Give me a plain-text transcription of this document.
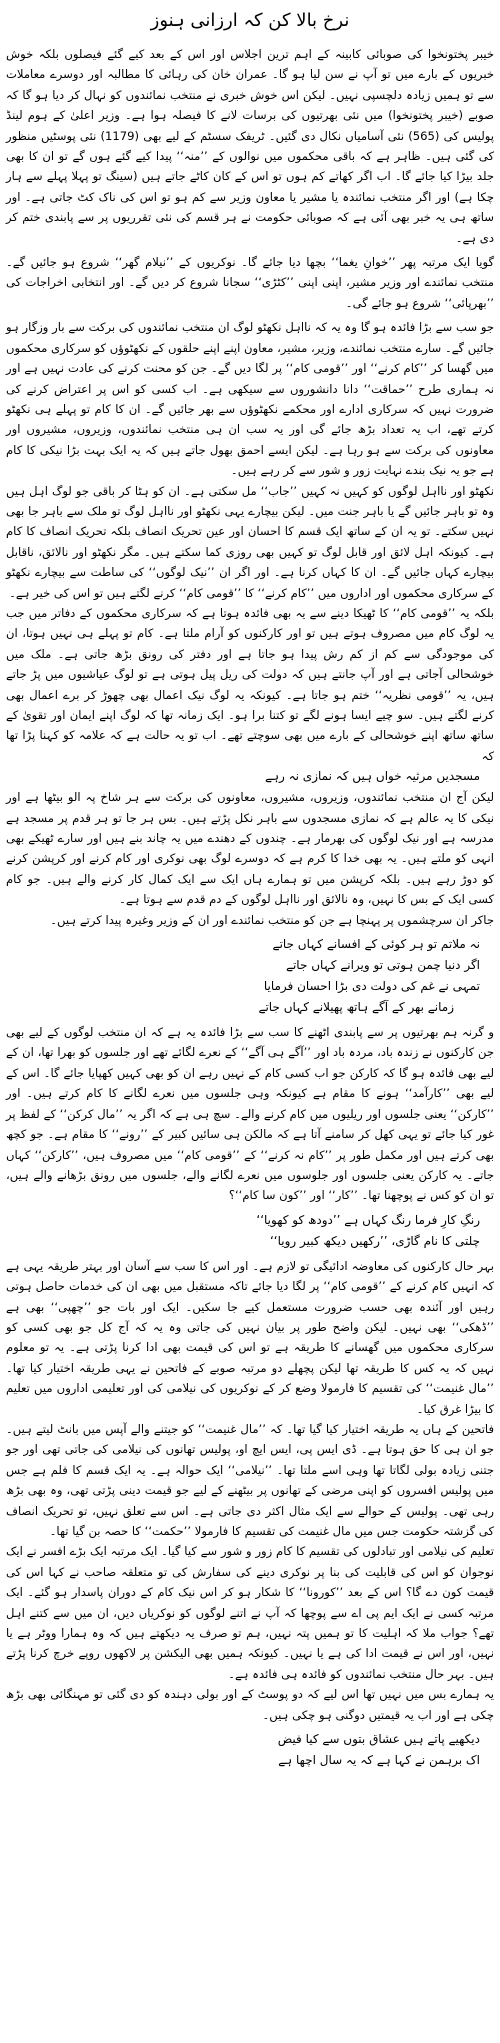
نرخ بالا کن کہ ارزانی ہنوز

خیبر پختونخوا کی صوبائی کابینہ کے اہم ترین اجلاس اور اس کے بعد کیے گئے فیصلوں بلکہ خوش خبریوں کے بارے میں تو آپ نے سن لیا ہو گا۔ عمران خان کی رہائی کا مطالبہ اور دوسرے معاملات سے تو ہمیں زیادہ دلچسپی نہیں۔ لیکن اس خوش خبری نے منتخب نمائندوں کو نہال کر دیا ہو گا کہ صوبے (خیبر پختونخوا) میں نئی بھرتیوں کی برسات لانے کا فیصلہ ہوا ہے۔ وزیر اعلیٰ کے ہوم لینڈ پولیس کی (565) نئی آسامیاں نکال دی گئیں۔ ٹریفک سسٹم کے لیے بھی (1179) نئی پوسٹیں منظور کی گئی ہیں۔ ظاہر ہے کہ باقی محکموں میں نوالوں کے ’’منہ‘‘ پیدا کیے گئے ہوں گے تو ان کا بھی جلد بیڑا کیا جائے گا۔ اب اگر کھاتے کم ہوں تو اس کے کان کاٹے جاتے ہیں (سینگ تو پہلا پہلے سے ہار چکا ہے) اور اگر منتخب نمائندہ یا مشیر یا معاون وزیر سے کم ہو تو اس کی ناک کٹ جاتی ہے۔ اور ساتھ ہی یہ خبر بھی آئی ہے کہ صوبائی حکومت نے ہر قسم کی نئی تقرریوں پر سے پابندی ختم کر دی ہے۔

گویا ایک مرتبہ پھر ’’خوانِ یغما‘‘ بچھا دیا جائے گا۔ نوکریوں کے ’’نیلام گھر‘‘ شروع ہو جائیں گے۔ منتخب نمائندے اور وزیر مشیر، اپنی اپنی ’’کٹڑی‘‘ سجانا شروع کر دیں گے۔ اور انتخابی اخراجات کی ’’بھرپائی‘‘ شروع ہو جائے گی۔

جو سب سے بڑا فائدہ ہو گا وہ یہ کہ نااہل نکھٹو لوگ ان منتخب نمائندوں کی برکت سے بار وزگار ہو جائیں گے۔ سارے منتخب نمائندے، وزیر، مشیر، معاون اپنے اپنے حلقوں کے نکھٹوؤں کو سرکاری محکموں میں گھسا کر ’’کام کرنے‘‘ اور ’’قومی کام‘‘ پر لگا دیں گے۔ جن کو محنت کرنے کی عادت نہیں ہے اور نہ ہماری طرح ’’حماقت‘‘ دانا دانشوروں سے سیکھی ہے۔ اب کسی کو اس پر اعتراض کرنے کی ضرورت نہیں کہ سرکاری ادارے اور محکمے نکھٹوؤں سے بھر جائیں گے۔ ان کا کام تو پہلے ہی نکھٹو کرتے تھے، اب یہ تعداد بڑھ جائے گی اور یہ سب ان ہی منتخب نمائندوں، وزیروں، مشیروں اور معاونوں کی برکت سے ہو رہا ہے۔ لیکن ایسے احمق بھول جاتے ہیں کہ یہ ایک بہت بڑا نیکی کا کام ہے جو یہ نیک بندے نہایت زور و شور سے کر رہے ہیں۔

نکھٹو اور نااہل لوگوں کو کہیں نہ کہیں ’’جاب‘‘ مل سکتی ہے۔ ان کو ہٹا کر باقی جو لوگ اہل ہیں وہ تو باہر جائیں گے یا باہر جنت میں۔ لیکن بیچارے یہی نکھٹو اور نااہل لوگ تو ملک سے باہر جا بھی نہیں سکتے۔ تو یہ ان کے ساتھ ایک قسم کا احسان اور عین تحریک انصاف بلکہ تحریک انصاف کا کام ہے۔ کیونکہ اہل لائق اور قابل لوگ تو کہیں بھی روزی کما سکتے ہیں۔ مگر نکھٹو اور نالائق، ناقابل بیچارے کہاں جائیں گے۔ ان کا کہاں کرنا ہے۔ اور اگر ان ’’نیک لوگوں‘‘ کی ساطت سے بیچارے نکھٹو کے سرکاری محکموں اور اداروں میں ’’کام کرنے‘‘ کا ’’قومی کام‘‘ کرنے لگتے ہیں تو اس کی خیر ہے۔

بلکہ یہ ’’قومی کام‘‘ کا ٹھیکا دینے سے یہ بھی فائدہ ہوتا ہے کہ سرکاری محکموں کے دفاتر میں جب یہ لوگ کام میں مصروف ہوتے ہیں تو اور کارکنوں کو آرام ملتا ہے۔ کام تو پہلے ہی نہیں ہوتا، ان کی موجودگی سے کم از کم رش پیدا ہو جاتا ہے اور دفتر کی رونق بڑھ جاتی ہے۔ ملک میں خوشحالی آجاتی ہے اور آپ جانتے ہیں کہ دولت کی ریل پیل ہوتی ہے تو لوگ عیاشیوں میں پڑ جاتے ہیں، یہ ’’قومی نظریہ‘‘ ختم ہو جاتا ہے۔ کیونکہ یہ لوگ نیک اعمال بھی چھوڑ کر برے اعمال بھی کرنے لگتے ہیں۔ سو چیے ایسا ہونے لگے تو کتنا برا ہو۔ ایک زمانہ تھا کہ لوگ اپنے ایمان اور تقویٰ کے ساتھ ساتھ اپنے خوشحالی کے بارے میں بھی سوچتے تھے۔ اب تو یہ حالت ہے کہ علامہ کو کہنا پڑا تھا کہ

مسجدیں مرثیہ خواں ہیں کہ نمازی نہ رہے

لیکن آج ان منتخب نمائندوں، وزیروں، مشیروں، معاونوں کی برکت سے ہر شاخ پہ الو بیٹھا ہے اور نیکی کا یہ عالم ہے کہ نمازی مسجدوں سے باہر نکل پڑتے ہیں۔ بس ہر جا تو ہر قدم پر مسجد ہے مدرسہ ہے اور نیک لوگوں کی بھرمار ہے۔ چندوں کے دھندے میں یہ چاند بنے ہیں اور سارے ٹھیکے بھی انہی کو ملتے ہیں۔ یہ بھی خدا کا کرم ہے کہ دوسرے لوگ بھی نوکری اور کام کرنے اور کرپشن کرنے کو دوڑ رہے ہیں۔ بلکہ کرپشن میں تو ہمارے ہاں ایک سے ایک کمال کار کرنے والے ہیں۔ جو کام کسی ایک کے بس کا نہیں، وہ نالائق اور نااہل لوگوں کے دم قدم سے ہوتا ہے۔

جاکر ان سرچشموں پر پہنچا ہے جن کو منتخب نمائندے اور ان کے وزیر وغیرہ پیدا کرتے ہیں۔

نہ ملاتم تو ہر کوئی کے افسانے کہاں جاتے

اگر دنیا چمن ہوتی تو ویرانے کہاں جاتے

تمہی نے غم کی دولت دی بڑا احسان فرمایا

زمانے بھر کے آگے ہاتھ پھیلانے کہاں جاتے

و گرنہ ہم بھرتیوں پر سے پابندی اٹھنے کا سب سے بڑا فائدہ یہ ہے کہ ان منتخب لوگوں کے لیے بھی جن کارکنوں نے زندہ باد، مردہ باد اور ’’آگے ہی آگے‘‘ کے نعرے لگائے تھے اور جلسوں کو بھرا تھا، ان کے لیے بھی فائدہ ہو گا کہ کارکن جو اب کسی کام کے نہیں رہے ان کو بھی کہیں کھپایا جائے گا۔ اس کے لیے بھی ’’کارآمد‘‘ ہونے کا مقام ہے کیونکہ وہی جلسوں میں نعرے لگانے کا کام کرتے ہیں۔ اور ’’کارکن‘‘ یعنی جلسوں اور ریلیوں میں کام کرنے والے۔ سچ ہی ہے کہ اگر یہ ’’مال کرکن‘‘ کے لفظ پر غور کیا جائے تو یہی کھل کر سامنے آتا ہے کہ مالکن ہی سائیں کبیر کے ’’رونے‘‘ کا مقام ہے۔ جو کچھ بھی کرتے ہیں اور مکمل طور پر ’’کام نہ کرنے‘‘ کے ’’قومی کام‘‘ میں مصروف ہیں، ’’کارکن‘‘ کہاں جاتے۔ یہ کارکن یعنی جلسوں اور جلوسوں میں نعرے لگانے والے، جلسوں میں رونق بڑھانے والے ہیں، تو ان کو کس نے پوچھنا تھا۔ ’’کار‘‘ اور ’’کون سا کام‘‘؟

رنگِ کارِ فرما رنگ کہاں ہے ’’دودھ کو کھویا‘‘

چلتی کا نام گاڑی، ’’رکھیں دیکھ کبیر رویا‘‘

بہر حال کارکنوں کی معاوضہ ادائیگی تو لازم ہے۔ اور اس کا سب سے آسان اور بہتر طریقہ یہی ہے کہ انہیں کام کرنے کے ’’قومی کام‘‘ پر لگا دیا جائے تاکہ مستقبل میں بھی ان کی خدمات حاصل ہوتی رہیں اور آئندہ بھی حسب ضرورت مستعمل کیے جا سکیں۔ ایک اور بات جو ’’چھپی‘‘ بھی ہے ’’ڈھکی‘‘ بھی نہیں۔ لیکن واضح طور پر بیان نہیں کی جاتی وہ یہ کہ آج کل جو بھی کسی کو سرکاری محکموں میں گھسانے کا طریقہ ہے تو اس کی قیمت بھی ادا کرنا پڑتی ہے۔ یہ تو معلوم نہیں کہ یہ کس کا طریقہ تھا لیکن پچھلے دو مرتبہ صوبے کے فاتحین نے یہی طریقہ اختیار کیا تھا۔ ’’مال غنیمت‘‘ کی تقسیم کا فارمولا وضع کر کے نوکریوں کی نیلامی کی اور تعلیمی اداروں میں تعلیم کا بیڑا غرق کیا۔

فاتحین کے ہاں یہ طریقہ اختیار کیا گیا تھا۔ کہ ’’مال غنیمت‘‘ کو جیتنے والے آپس میں بانٹ لیتے ہیں۔ جو ان ہی کا حق ہوتا ہے۔ ڈی ایس پی، ایس ایچ او، پولیس تھانوں کی نیلامی کی جاتی تھی اور جو جتنی زیادہ بولی لگاتا تھا وہی اسے ملتا تھا۔ ’’نیلامی‘‘ ایک حوالہ ہے۔ یہ ایک قسم کا فلم ہے جس میں پولیس افسروں کو اپنی مرضی کے تھانوں پر بیٹھنے کے لیے جو قیمت دینی پڑتی تھی، وہ بھی بڑھ رہی تھی۔ پولیس کے حوالے سے ایک مثال اکثر دی جاتی ہے۔ اس سے تعلق نہیں، تو تحریک انصاف کی گزشتہ حکومت جس میں مال غنیمت کی تقسیم کا فارمولا ’’حکمت‘‘ کا حصہ بن گیا تھا۔

تعلیم کی نیلامی اور تبادلوں کی تقسیم کا کام زور و شور سے کیا گیا۔ ایک مرتبہ ایک بڑے افسر نے ایک نوجوان کو اس کی قابلیت کی بنا پر نوکری دینے کی سفارش کی تو متعلقہ صاحب نے کہا اس کی قیمت کون دے گا؟ اس کے بعد ’’کورونا‘‘ کا شکار ہو کر اس نیک کام کے دوران پاسدار ہو گئے۔ ایک مرتبہ کسی نے ایک ایم پی اے سے پوچھا کہ آپ نے اتنے لوگوں کو نوکریاں دیں، ان میں سے کتنے اہل تھے؟ جواب ملا کہ اہلیت کا تو ہمیں پتہ نہیں، ہم تو صرف یہ دیکھتے ہیں کہ وہ ہمارا ووٹر ہے یا نہیں، اور اس نے قیمت ادا کی ہے یا نہیں۔ کیونکہ ہمیں بھی الیکشن پر لاکھوں روپے خرچ کرنا پڑتے ہیں۔ بہر حال منتخب نمائندوں کو فائدہ ہی فائدہ ہے۔

یہ ہمارے بس میں نہیں تھا اس لیے کہ دو پوسٹ کے اور بولی دہندہ کو دی گئی تو مہنگائی بھی بڑھ چکی ہے اور اب یہ قیمتیں دوگنی ہو چکی ہیں۔

دیکھیے پاتے ہیں عشاق بتوں سے کیا فیض

اک برہمن نے کہا ہے کہ یہ سال اچھا ہے
